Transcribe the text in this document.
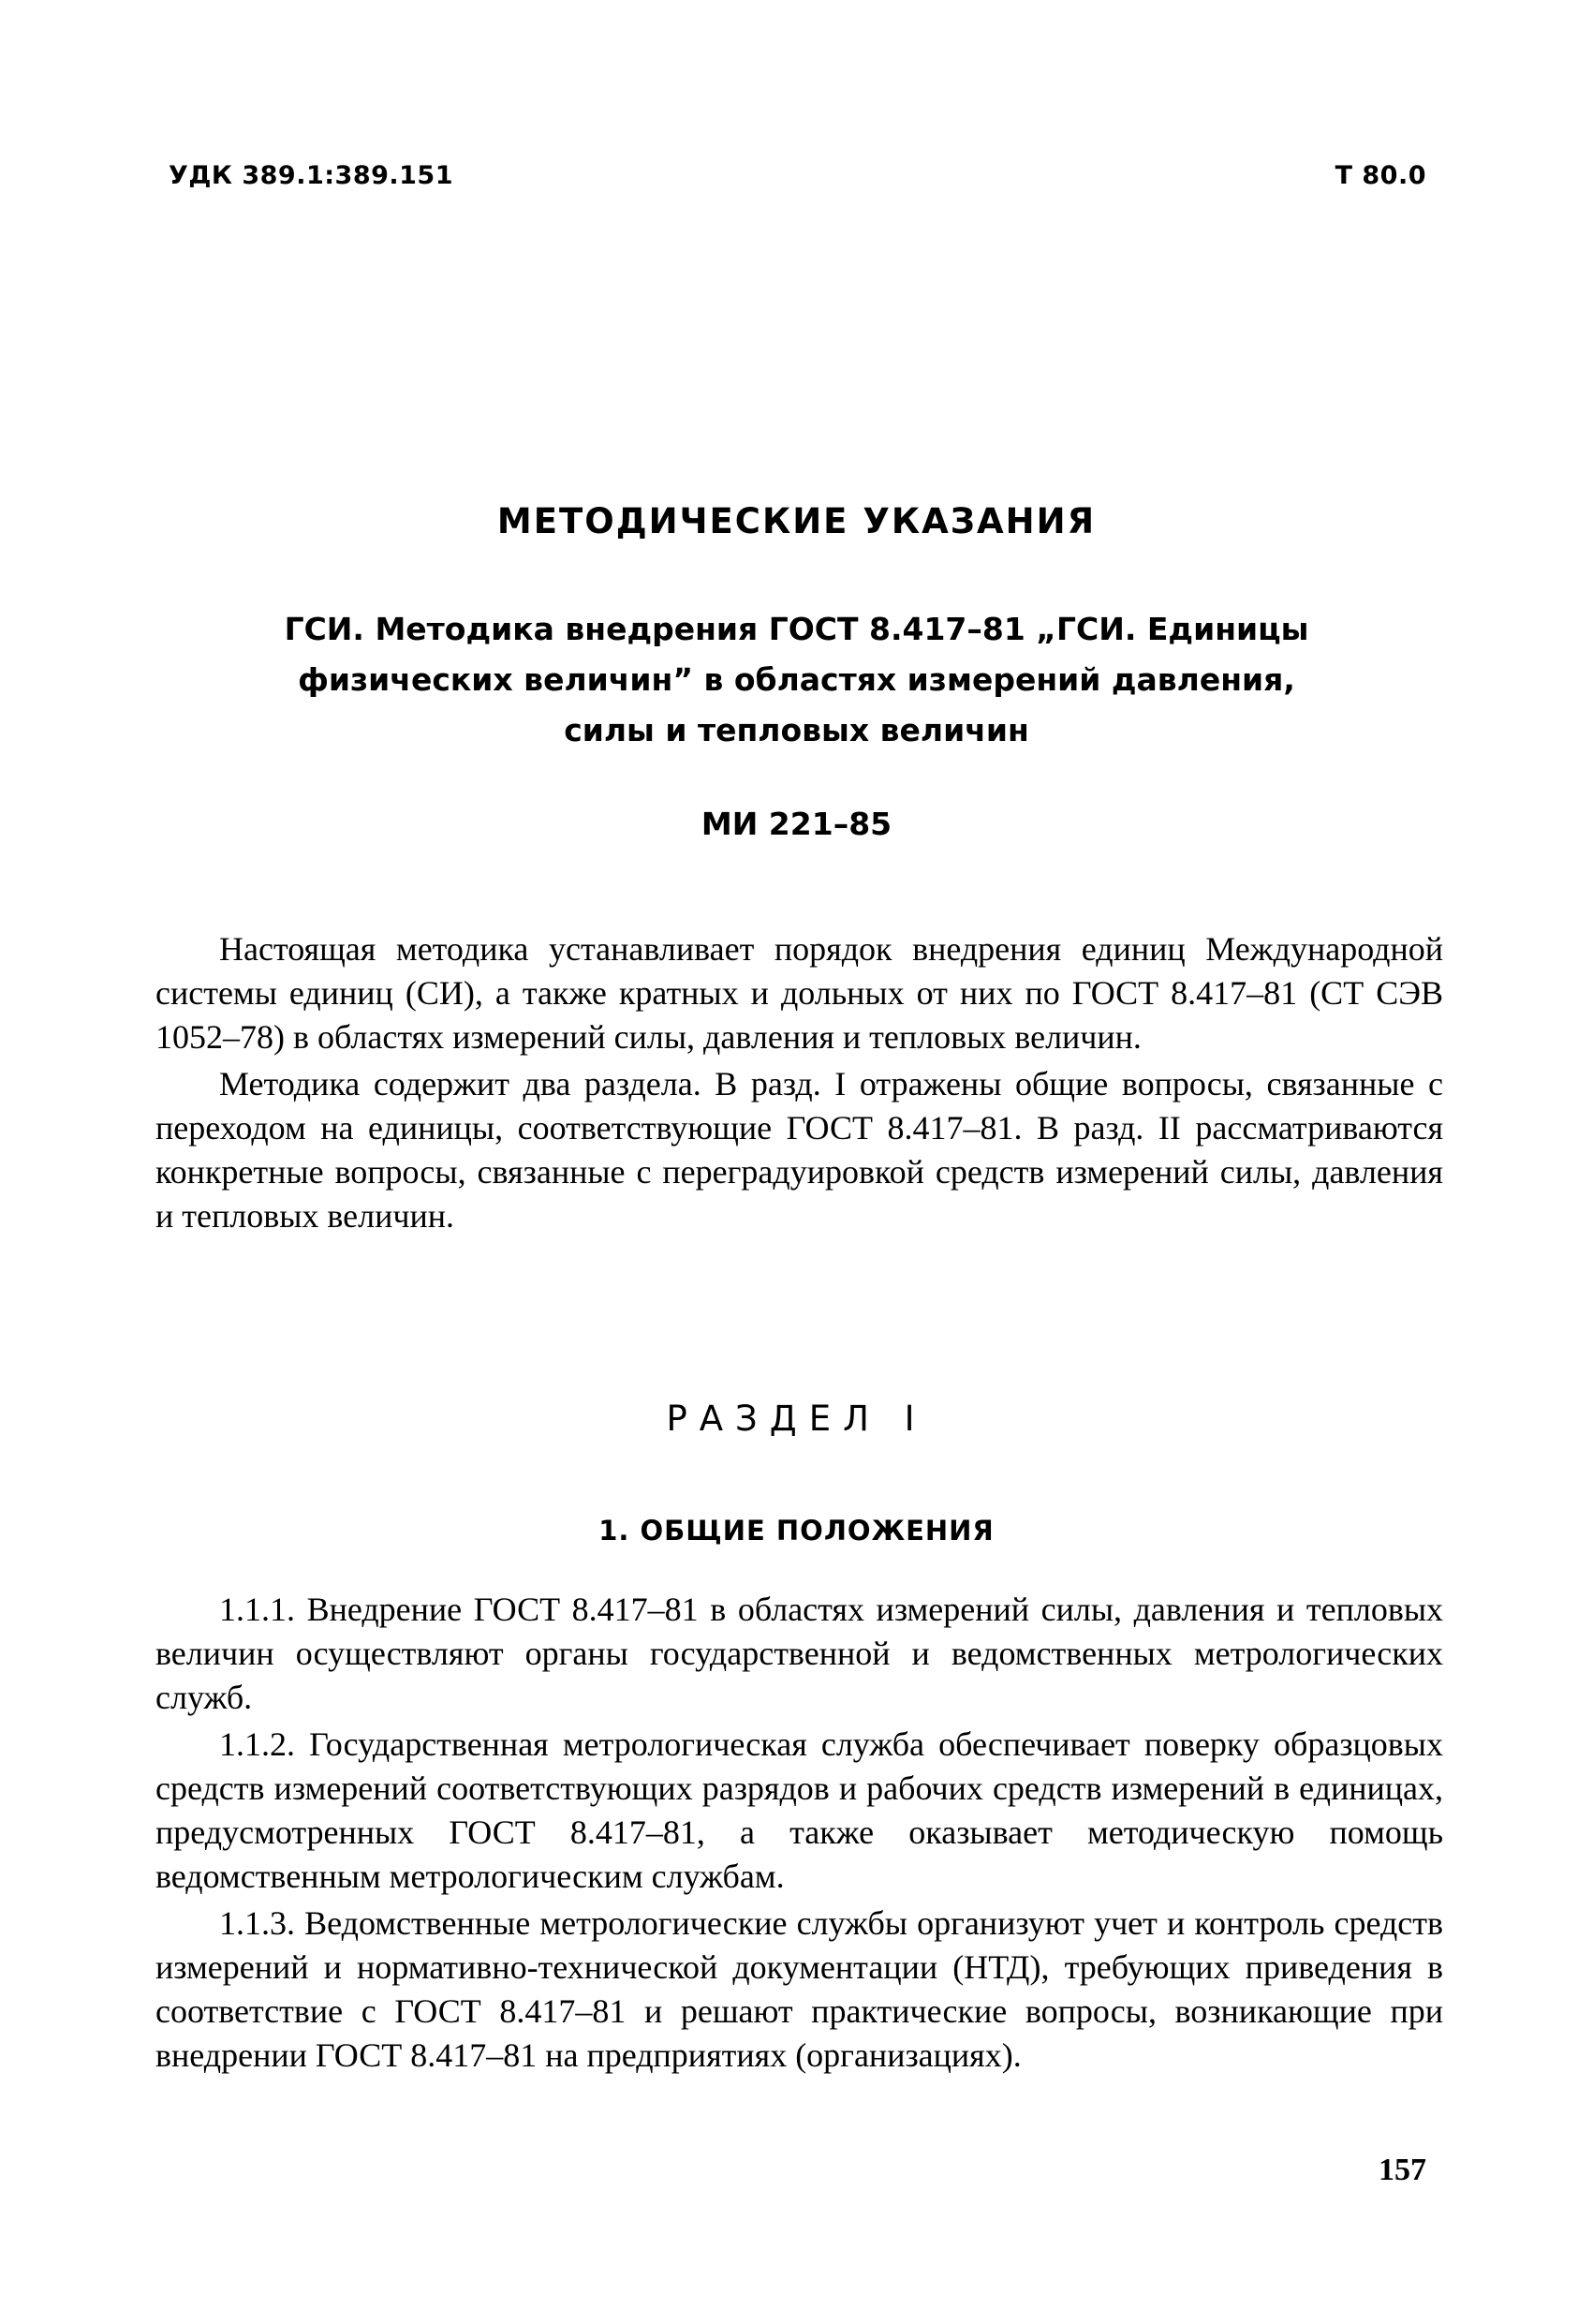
УДК 389.1:389.151	Т 80.0
МЕТОДИЧЕСКИЕ УКАЗАНИЯ
ГСИ. Методика внедрения ГОСТ 8.417–81 „ГСИ. Единицы
физических величин” в областях измерений давления,
силы и тепловых величин
МИ 221–85

Настоящая методика устанавливает порядок внедрения единиц Международной системы единиц (СИ), а также кратных и дольных от них по ГОСТ 8.417–81 (СТ СЭВ 1052–78) в областях измерений силы, давления и тепловых величин.

Методика содержит два раздела. В разд. I отражены общие вопросы, связанные с переходом на единицы, соответствующие ГОСТ 8.417–81. В разд. II рассматриваются конкретные вопросы, связанные с переградуировкой средств измерений силы, давления и тепловых величин.

РАЗДЕЛ I
1. ОБЩИЕ ПОЛОЖЕНИЯ

1.1.1. Внедрение ГОСТ 8.417–81 в областях измерений силы, давления и тепловых величин осуществляют органы государственной и ведомственных метрологических служб.

1.1.2. Государственная метрологическая служба обеспечивает поверку образцовых средств измерений соответствующих разрядов и рабочих средств измерений в единицах, предусмотренных ГОСТ 8.417–81, а также оказывает методическую помощь ведомственным метрологическим службам.

1.1.3. Ведомственные метрологические службы организуют учет и контроль средств измерений и нормативно-технической документации (НТД), требующих приведения в соответствие с ГОСТ 8.417–81 и решают практические вопросы, возникающие при внедрении ГОСТ 8.417–81 на предприятиях (организациях).

157
